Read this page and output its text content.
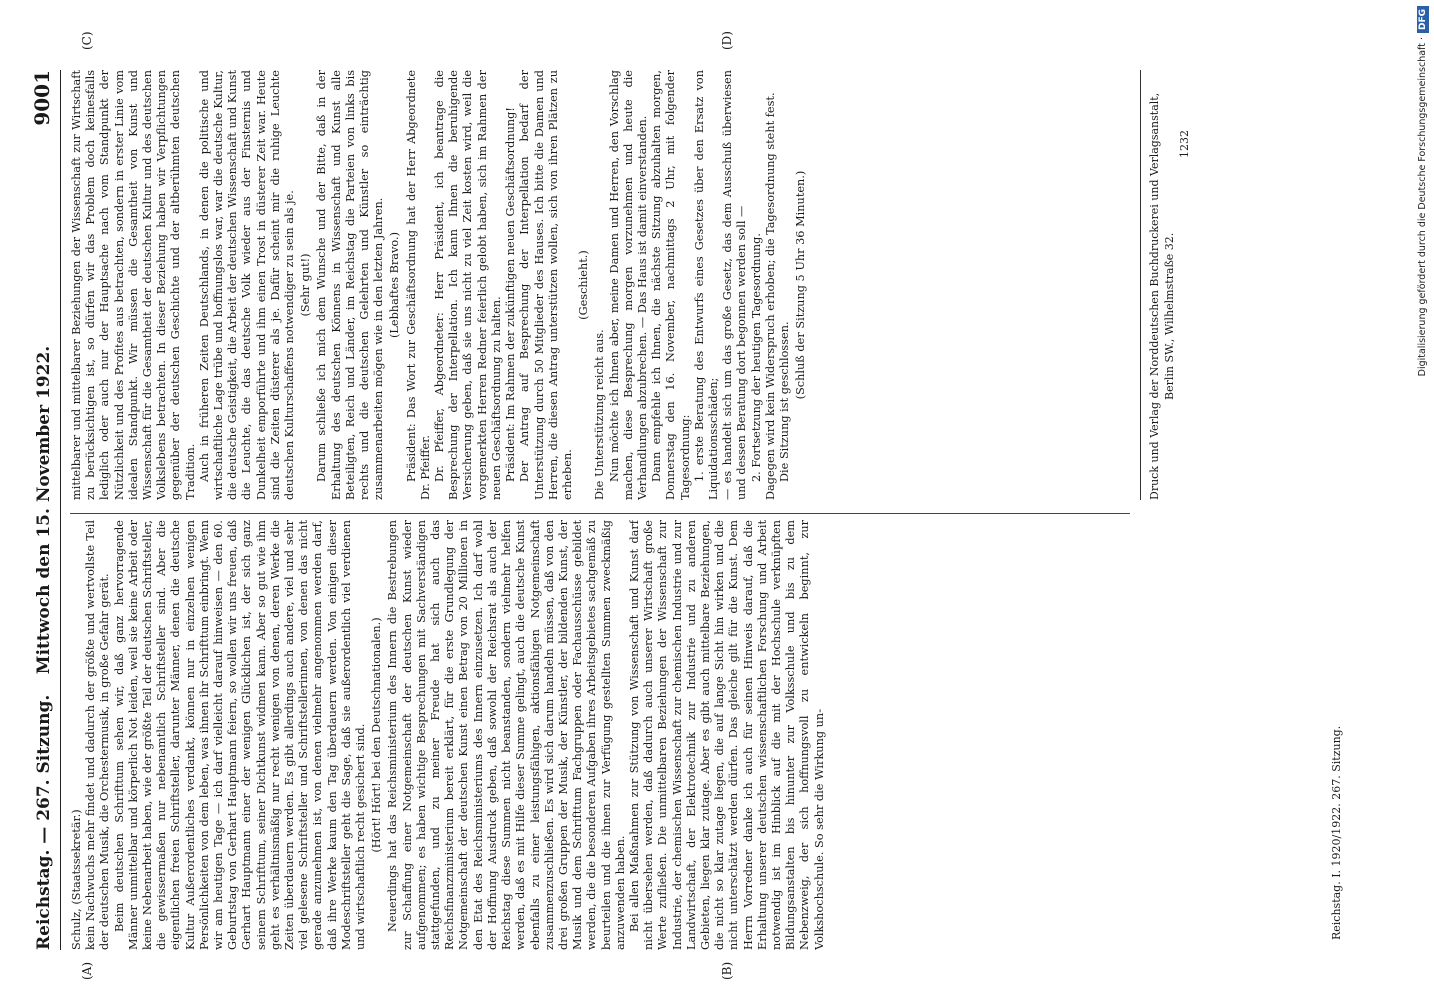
Reichstag. — 267. Sitzung.
Mittwoch den 15. November 1922.
9001
(A)	(B)
(C)	(D)

Schulz, (Staatssekretär.) kein Nachwuchs mehr findet und dadurch der größte und wertvollste Teil der deutschen Musik, die Orchestermusik, in große Gefahr gerät. Beim deutschen Schrifttum sehen wir, daß ganz hervorragende Männer unmittelbar und körperlich Not leiden, weil sie keine Arbeit oder keine Nebenarbeit haben, wie der größte Teil der deutschen Schriftsteller, die gewissermaßen nur nebenamtlich Schriftsteller sind. Aber die eigentlichen freien Schriftsteller, darunter Männer, denen die deutsche Kultur Außerordentliches verdankt, können nur in einzelnen wenigen Persönlichkeiten von dem leben, was ihnen ihr Schrifttum einbringt. Wenn wir am heutigen Tage — ich darf vielleicht darauf hinweisen — den 60. Geburtstag von Gerhart Hauptmann feiern, so wollen wir uns freuen, daß Gerhart Hauptmann einer der wenigen Glücklichen ist, der sich ganz seinem Schrifttum, seiner Dichtkunst widmen kann. Aber so gut wie ihm geht es verhältnismäßig nur recht wenigen von denen, deren Werke die Zeiten überdauern werden. Es gibt allerdings auch andere, viel und sehr viel gelesene Schriftsteller und Schriftstellerinnen, von denen das nicht gerade anzunehmen ist, von denen vielmehr angenommen werden darf, daß ihre Werke kaum den Tag überdauern werden. Von einigen dieser Modeschriftsteller geht die Sage, daß sie außerordentlich viel verdienen und wirtschaftlich recht gesichert sind. (Hört! Hört! bei den Deutschnationalen.) Neuerdings hat das Reichsministerium des Innern die Bestrebungen zur Schaffung einer Notgemeinschaft der deutschen Kunst wieder aufgenommen; es haben wichtige Besprechungen mit Sachverständigen stattgefunden, und zu meiner Freude hat sich auch das Reichsfinanzministerium bereit erklärt, für die erste Grundlegung der Notgemeinschaft der deutschen Kunst einen Betrag von 20 Millionen in den Etat des Reichsministeriums des Innern einzusetzen. Ich darf wohl der Hoffnung Ausdruck geben, daß sowohl der Reichsrat als auch der Reichstag diese Summen nicht beanstanden, sondern vielmehr helfen werden, daß es mit Hilfe dieser Summe gelingt, auch die deutsche Kunst ebenfalls zu einer leistungsfähigen, aktionsfähigen Notgemeinschaft zusammenzuschließen. Es wird sich darum handeln müssen, daß von den drei großen Gruppen der Musik, der Künstler, der bildenden Kunst, der Musik und dem Schrifttum Fachgruppen oder Fachausschüsse gebildet werden, die die besonderen Aufgaben ihres Arbeitsgebietes sachgemäß zu beurteilen und die ihnen zur Verfügung gestellten Summen zweckmäßig anzuwenden haben. Bei allen Maßnahmen zur Stützung von Wissenschaft und Kunst darf nicht übersehen werden, daß dadurch auch unserer Wirtschaft große Werte zufließen. Die unmittelbaren Beziehungen der Wissenschaft zur Industrie, der chemischen Wissenschaft zur chemischen Industrie und zur Landwirtschaft, der Elektrotechnik zur Industrie und zu anderen Gebieten, liegen klar zutage. Aber es gibt auch mittelbare Beziehungen, die nicht so klar zutage liegen, die auf lange Sicht hin wirken und die nicht unterschätzt werden dürfen. Das gleiche gilt für die Kunst. Dem Herrn Vorredner danke ich auch für seinen Hinweis darauf, daß die Erhaltung unserer deutschen wissenschaftlichen Forschung und Arbeit notwendig ist im Hinblick auf die mit der Hochschule verknüpften Bildungsanstalten bis hinunter zur Volksschule und bis zu dem Nebenzweig, der sich hoffnungsvoll zu entwickeln beginnt, zur Volkshochschule. So sehr die Wirkung un-

mittelbarer und mittelbarer Beziehungen der Wissenschaft zur Wirtschaft zu berücksichtigen ist, so dürfen wir das Problem doch keinesfalls lediglich oder auch nur der Hauptsache nach vom Standpunkt der Nützlichkeit und des Profites aus betrachten, sondern in erster Linie vom idealen Standpunkt. Wir müssen die Gesamtheit von Kunst und Wissenschaft für die Gesamtheit der deutschen Kultur und des deutschen Volkslebens betrachten. In dieser Beziehung haben wir Verpflichtungen gegenüber der deutschen Geschichte und der altberühmten deutschen Tradition. Auch in früheren Zeiten Deutschlands, in denen die politische und wirtschaftliche Lage trübe und hoffnungslos war, war die deutsche Kultur, die deutsche Geistigkeit, die Arbeit der deutschen Wissenschaft und Kunst die Leuchte, die das deutsche Volk wieder aus der Finsternis und Dunkelheit emporführte und ihm einen Trost in düsterer Zeit war. Heute sind die Zeiten düsterer als je. Dafür scheint mir die ruhige Leuchte deutschen Kulturschaffens notwendiger zu sein als je. (Sehr gut!) Darum schließe ich mich dem Wunsche und der Bitte, daß in der Erhaltung des deutschen Könnens in Wissenschaft und Kunst alle Beteiligten, Reich und Länder, im Reichstag die Parteien von links bis rechts und die deutschen Gelehrten und Künstler so einträchtig zusammenarbeiten mögen wie in den letzten Jahren. (Lebhaftes Bravo.) Präsident: Das Wort zur Geschäftsordnung hat der Herr Abgeordnete Dr. Pfeiffer. Dr. Pfeiffer, Abgeordneter: Herr Präsident, ich beantrage die Besprechung der Interpellation. Ich kann Ihnen die beruhigende Versicherung geben, daß sie uns nicht zu viel Zeit kosten wird, weil die vorgemerkten Herren Redner feierlich gelobt haben, sich im Rahmen der neuen Geschäftsordnung zu halten. Präsident: Im Rahmen der zukünftigen neuen Geschäftsordnung! Der Antrag auf Besprechung der Interpellation bedarf der Unterstützung durch 50 Mitglieder des Hauses. Ich bitte die Damen und Herren, die diesen Antrag unterstützen wollen, sich von ihren Plätzen zu erheben.

(Geschieht.)

Die Unterstützung reicht aus. Nun möchte ich Ihnen aber, meine Damen und Herren, den Vorschlag machen, diese Besprechung morgen vorzunehmen und heute die Verhandlungen abzubrechen. — Das Haus ist damit einverstanden. Dann empfehle ich Ihnen, die nächste Sitzung abzuhalten morgen, Donnerstag den 16. November, nachmittags 2 Uhr, mit folgender Tagesordnung: 1. erste Beratung des Entwurfs eines Gesetzes über den Ersatz von Liquidationsschäden; — es handelt sich um das große Gesetz, das dem Ausschuß überwiesen und dessen Beratung dort begonnen werden soll — 2. Fortsetzung der heutigen Tagesordnung. Dagegen wird kein Widerspruch erhoben; die Tagesordnung steht fest. Die Sitzung ist geschlossen.

(Schluß der Sitzung 5 Uhr 36 Minuten.)	Druck und Verlag der Norddeutschen Buchdruckerei und Verlagsanstalt, Berlin SW., Wilhelmstraße 32.
1232
Reichstag. I. 1920/1922. 267. Sitzung.
Digitalisierung gefördert durch die Deutsche Forschungsgemeinschaft ·DFG
